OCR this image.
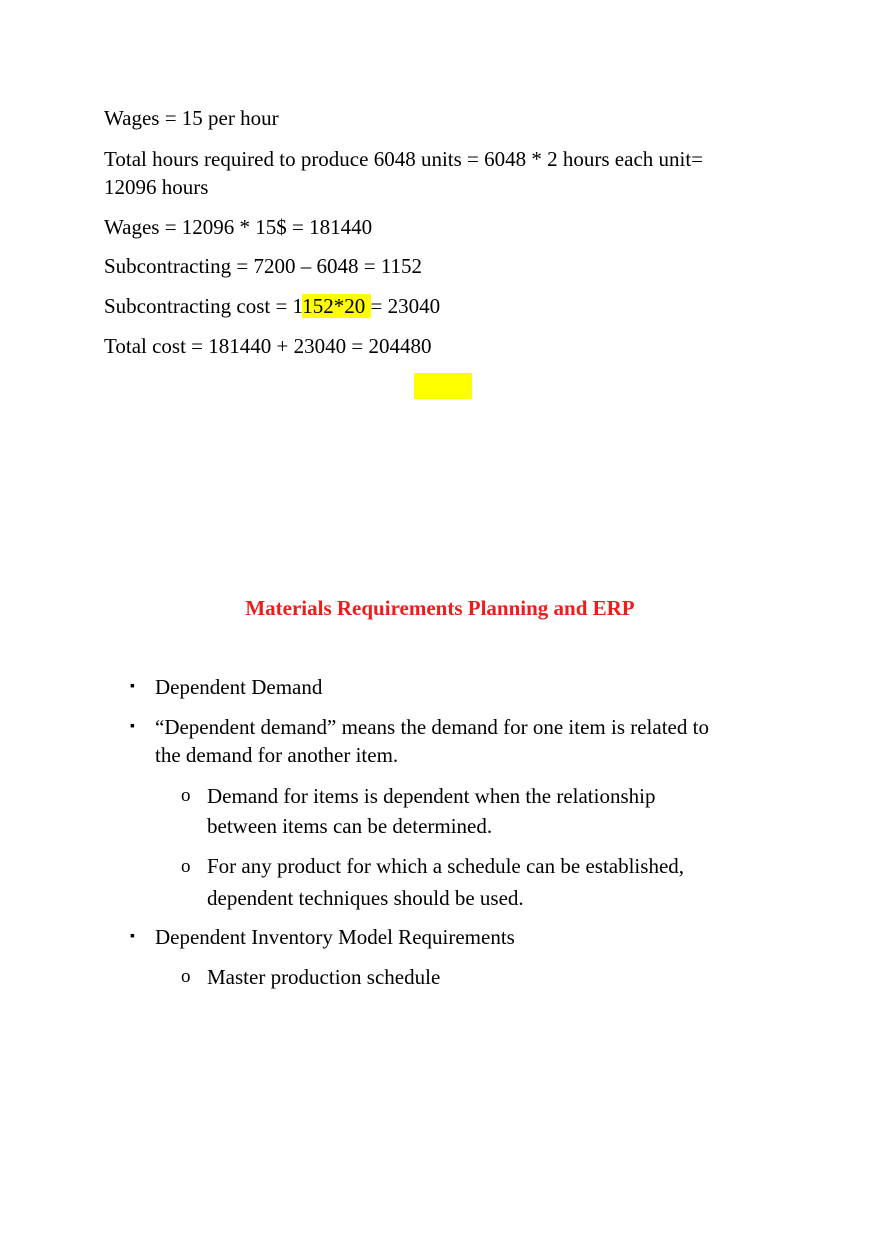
Wages = 15 per hour
Total hours required to produce 6048 units = 6048 * 2 hours each unit=
12096 hours
Wages = 12096 * 15$ = 181440
Subcontracting = 7200 – 6048 = 1152
Subcontracting cost = 1152*20 = 23040
Total cost = 181440 + 23040 = 204480
Materials Requirements Planning and ERP
▪ Dependent Demand
▪ “Dependent demand” means the demand for one item is related to
the demand for another item.
o Demand for items is dependent when the relationship
between items can be determined.
o For any product for which a schedule can be established,
dependent techniques should be used.
▪ Dependent Inventory Model Requirements
o Master production schedule
